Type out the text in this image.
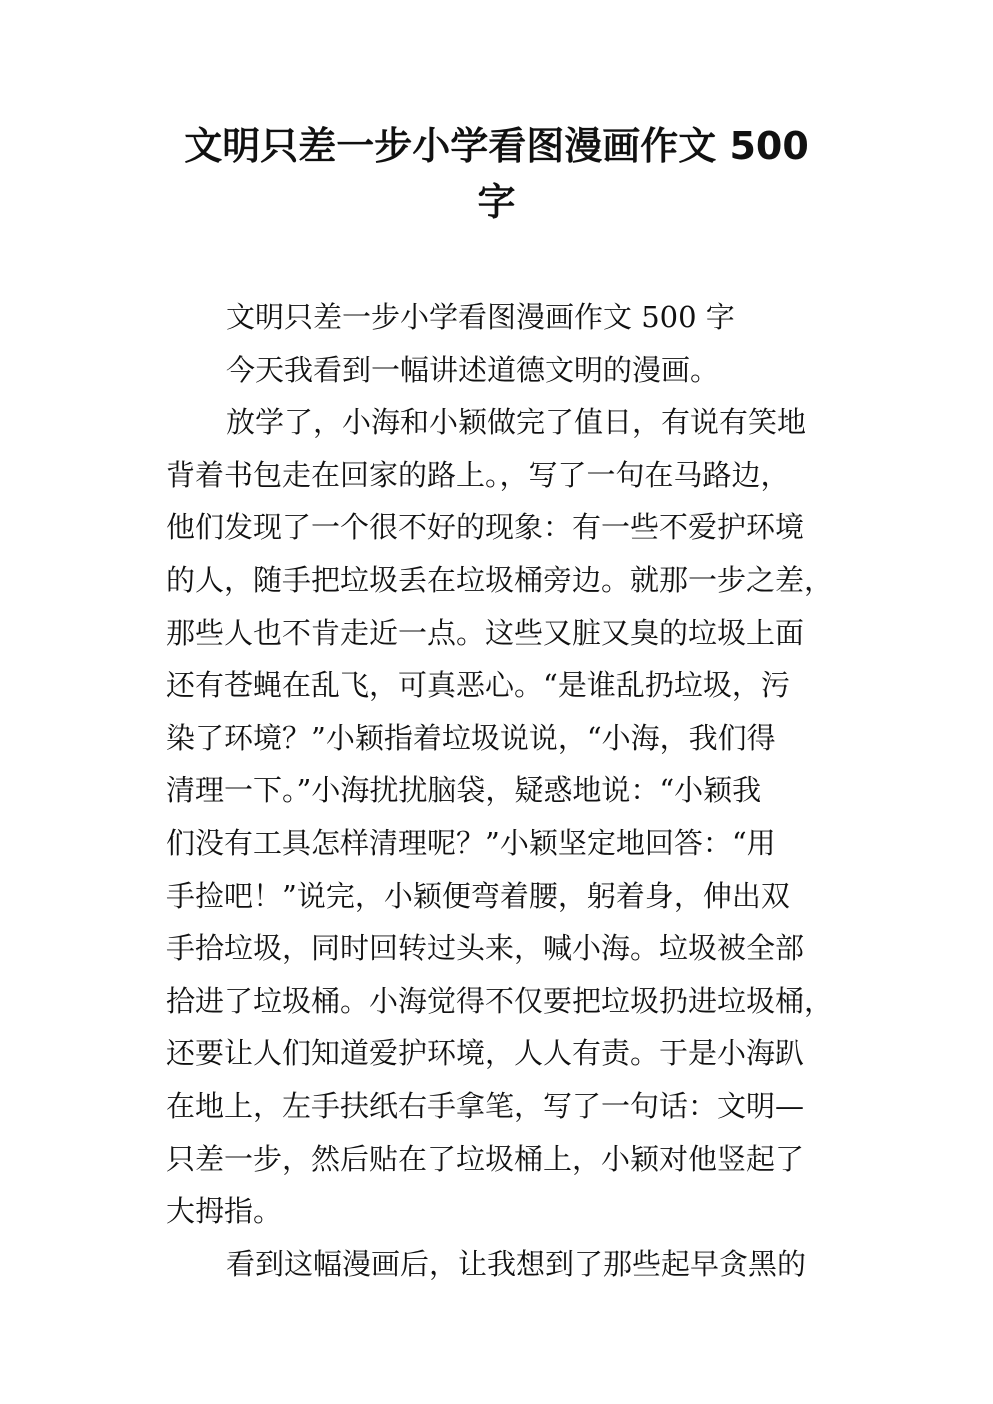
文明只差一步小学看图漫画作文 500
字

文明只差一步小学看图漫画作文 500 字

今天我看到一幅讲述道德文明的漫画。

放学了，小海和小颖做完了值日，有说有笑地
背着书包走在回家的路上。，写了一句在马路边，
他们发现了一个很不好的现象：有一些不爱护环境
的人，随手把垃圾丢在垃圾桶旁边。就那一步之差，
那些人也不肯走近一点。这些又脏又臭的垃圾上面
还有苍蝇在乱飞，可真恶心。“是谁乱扔垃圾，污
染了环境？”小颖指着垃圾说说，“小海，我们得
清理一下。”小海扰扰脑袋，疑惑地说：“小颖我
们没有工具怎样清理呢？”小颖坚定地回答：“用
手捡吧！”说完，小颖便弯着腰，躬着身，伸出双
手拾垃圾，同时回转过头来，喊小海。垃圾被全部
拾进了垃圾桶。小海觉得不仅要把垃圾扔进垃圾桶，
还要让人们知道爱护环境，人人有责。于是小海趴
在地上，左手扶纸右手拿笔，写了一句话：文明—
只差一步，然后贴在了垃圾桶上，小颖对他竖起了
大拇指。

看到这幅漫画后，让我想到了那些起早贪黑的
